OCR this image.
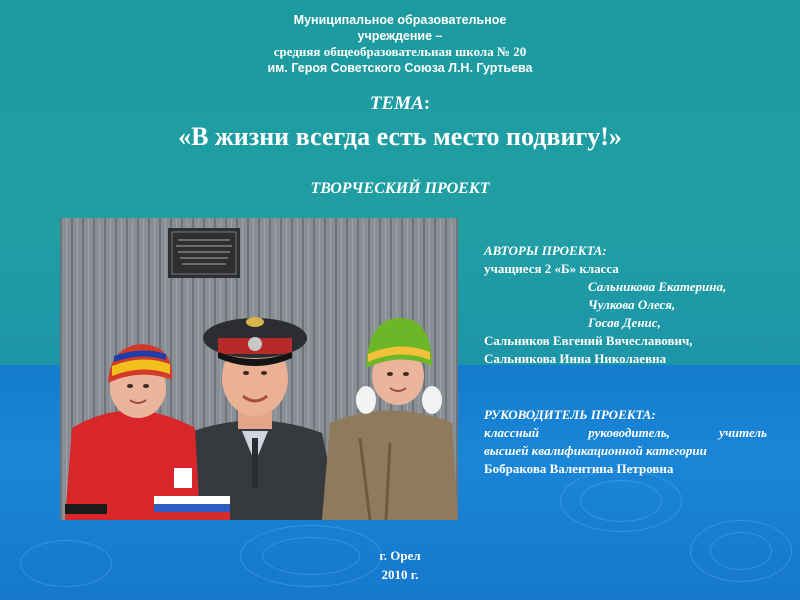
Муниципальное образовательное
учреждение –
средняя общеобразовательная школа № 20
им. Героя Советского Союза Л.Н. Гуртьева
ТЕМА:
«В жизни всегда есть место подвигу!»
ТВОРЧЕСКИЙ ПРОЕКТ
АВТОРЫ ПРОЕКТА:
учащиеся 2 «Б» класса
Сальникова Екатерина,
Чулкова Олеся,
Госав Денис,
Сальников Евгений Вячеславович,
Сальникова Инна Николаевна
РУКОВОДИТЕЛЬ ПРОЕКТА:
классный руководитель, учитель
высшей квалификационной категории
Бобракова Валентина Петровна
г. Орел
2010 г.
